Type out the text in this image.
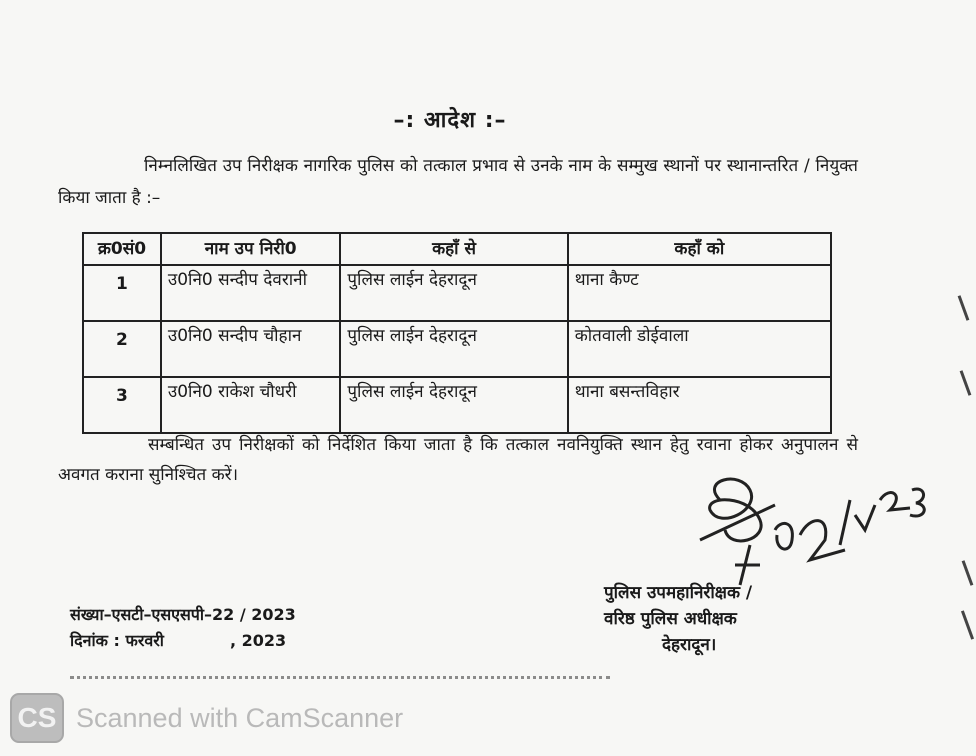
–: आदेश :–
निम्नलिखित उप निरीक्षक नागरिक पुलिस को तत्काल प्रभाव से उनके नाम के सम्मुख स्थानों पर स्थानान्तरित / नियुक्त किया जाता है :–
क्र0सं0	नाम उप निरी0	कहाँ से	कहाँ को
1	उ0नि0 सन्दीप देवरानी	पुलिस लाईन देहरादून	थाना कैण्ट
2	उ0नि0 सन्दीप चौहान	पुलिस लाईन देहरादून	कोतवाली डोईवाला
3	उ0नि0 राकेश चौधरी	पुलिस लाईन देहरादून	थाना बसन्तविहार
सम्बन्धित उप निरीक्षकों को निर्देशित किया जाता है कि तत्काल नवनियुक्ति स्थान हेतु रवाना होकर अनुपालन से अवगत कराना सुनिश्चित करें।
पुलिस उपमहानिरीक्षक /
वरिष्ठ पुलिस अधीक्षक
देहरादून।
संख्या–एसटी–एसएसपी–22 / 2023
दिनांक : फरवरी	, 2023
CS Scanned with CamScanner
